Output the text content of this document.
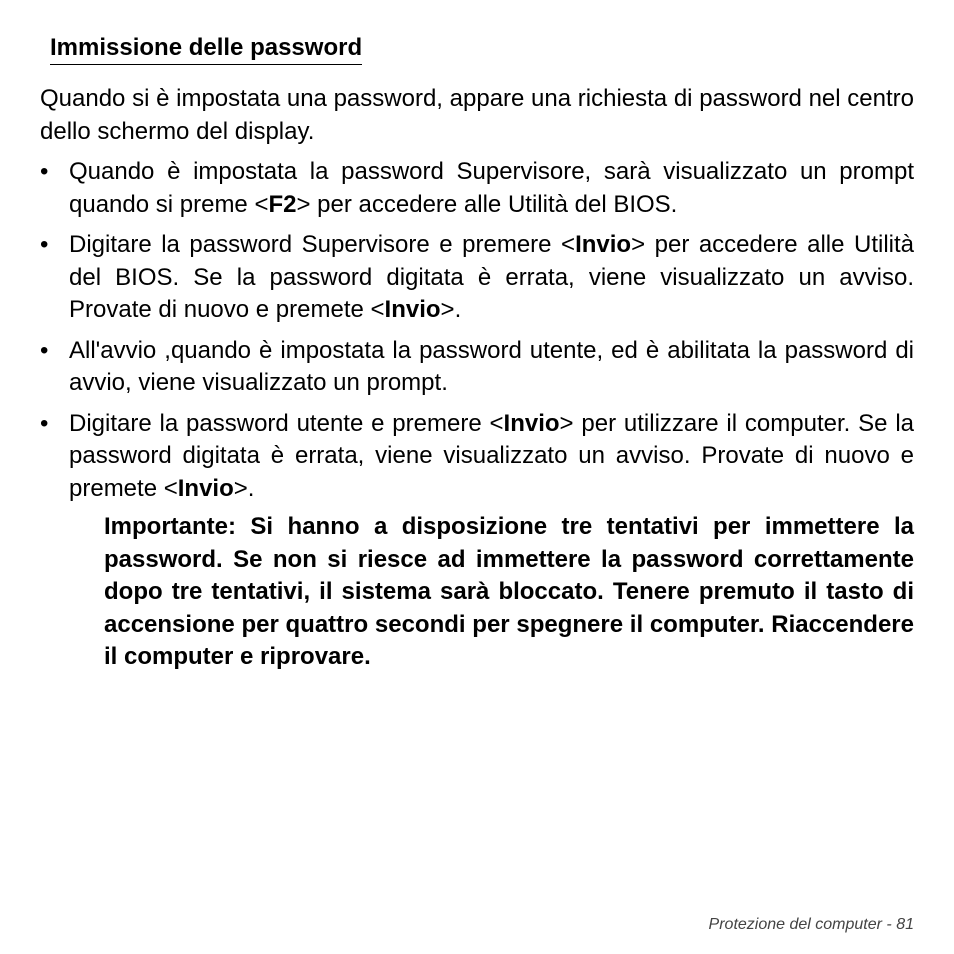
Immissione delle password

Quando si è impostata una password, appare una richiesta di password nel centro dello schermo del display.

• Quando è impostata la password Supervisore, sarà visualizzato un prompt quando si preme <F2> per accedere alle Utilità del BIOS.
• Digitare la password Supervisore e premere <Invio> per accedere alle Utilità del BIOS. Se la password digitata è errata, viene visualizzato un avviso. Provate di nuovo e premete <Invio>.
• All'avvio ,quando è impostata la password utente, ed è abilitata la password di avvio, viene visualizzato un prompt.
• Digitare la password utente e premere <Invio> per utilizzare il computer. Se la password digitata è errata, viene visualizzato un avviso. Provate di nuovo e premete <Invio>.

Importante: Si hanno a disposizione tre tentativi per immettere la password. Se non si riesce ad immettere la password correttamente dopo tre tentativi, il sistema sarà bloccato. Tenere premuto il tasto di accensione per quattro secondi per spegnere il computer. Riaccendere il computer e riprovare.

Protezione del computer - 81
